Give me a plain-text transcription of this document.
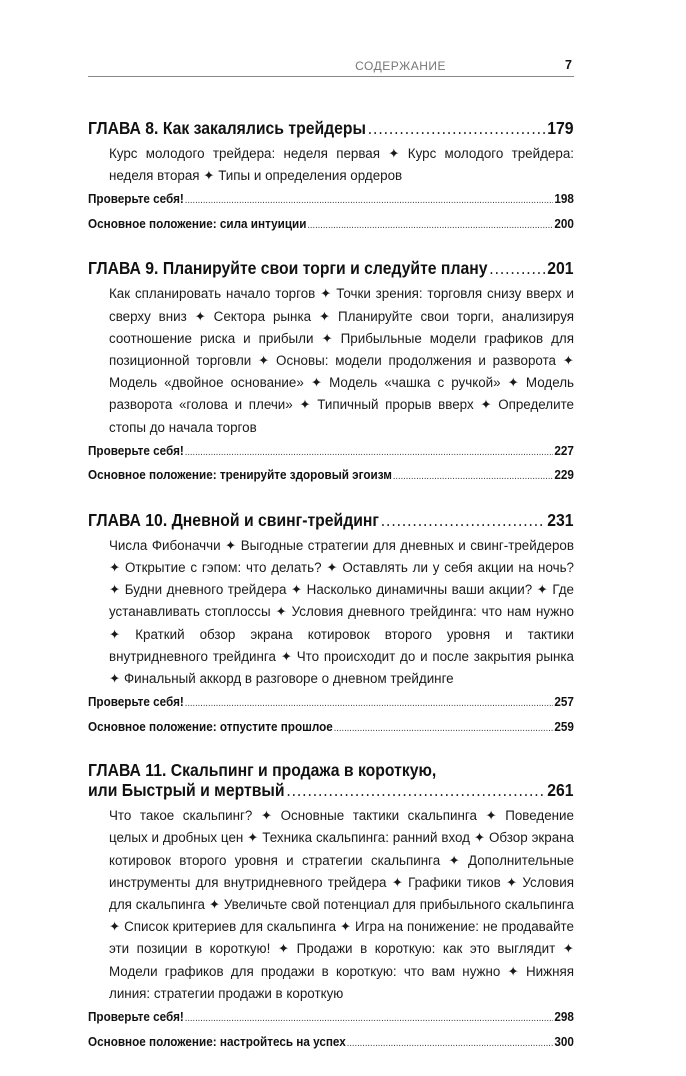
СОДЕРЖАНИЕ	7
ГЛАВА 8. Как закалялись трейдеры .....	179
Курс молодого трейдера: неделя первая ✦ Курс молодого трейдера: неделя вторая ✦ Типы и определения ордеров
Проверьте себя! .....	198
Основное положение: сила интуиции .....	200
ГЛАВА 9. Планируйте свои торги и следуйте плану .....	201
Как спланировать начало торгов ✦ Точки зрения: торговля снизу вверх и сверху вниз ✦ Сектора рынка ✦ Планируйте свои торги, анализируя соотношение риска и прибыли ✦ Прибыльные модели графиков для позиционной торговли ✦ Основы: модели продолжения и разворота ✦ Модель «двойное основание» ✦ Модель «чашка с ручкой» ✦ Модель разворота «голова и плечи» ✦ Типичный прорыв вверх ✦ Определите стопы до начала торгов
Проверьте себя! .....	227
Основное положение: тренируйте здоровый эгоизм .....	229
ГЛАВА 10. Дневной и свинг-трейдинг .....	231
Числа Фибоначчи ✦ Выгодные стратегии для дневных и свинг-трейдеров ✦ Открытие с гэпом: что делать? ✦ Оставлять ли у себя акции на ночь? ✦ Будни дневного трейдера ✦ Насколько динамичны ваши акции? ✦ Где устанавливать стоплоссы ✦ Условия дневного трейдинга: что нам нужно ✦ Краткий обзор экрана котировок второго уровня и тактики внутридневного трейдинга ✦ Что происходит до и после закрытия рынка ✦ Финальный аккорд в разговоре о дневном трейдинге
Проверьте себя! .....	257
Основное положение: отпустите прошлое .....	259
ГЛАВА 11. Скальпинг и продажа в короткую,
или Быстрый и мертвый .....	261
Что такое скальпинг? ✦ Основные тактики скальпинга ✦ Поведение целых и дробных цен ✦ Техника скальпинга: ранний вход ✦ Обзор экрана котировок второго уровня и стратегии скальпинга ✦ Дополнительные инструменты для внутридневного трейдера ✦ Графики тиков ✦ Условия для скальпинга ✦ Увеличьте свой потенциал для прибыльного скальпинга ✦ Список критериев для скальпинга ✦ Игра на понижение: не продавайте эти позиции в короткую! ✦ Продажи в короткую: как это выглядит ✦ Модели графиков для продажи в короткую: что вам нужно ✦ Нижняя линия: стратегии продажи в короткую
Проверьте себя! .....	298
Основное положение: настройтесь на успех .....	300
